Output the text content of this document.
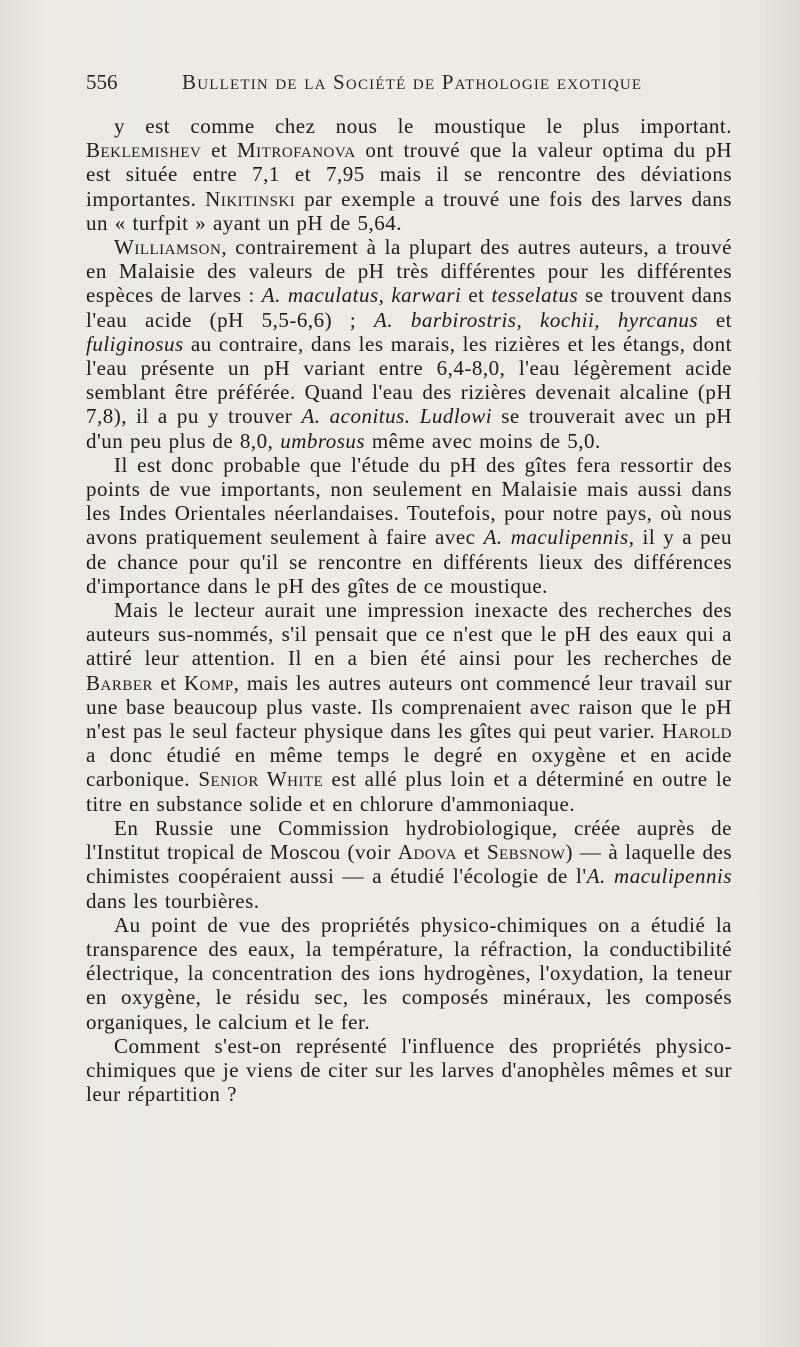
556	Bulletin de la Société de Pathologie exotique

y est comme chez nous le moustique le plus important. Beklemishev et Mitrofanova ont trouvé que la valeur optima du pH est située entre 7,1 et 7,95 mais il se rencontre des déviations importantes. Nikitinski par exemple a trouvé une fois des larves dans un « turfpit » ayant un pH de 5,64.

Williamson, contrairement à la plupart des autres auteurs, a trouvé en Malaisie des valeurs de pH très différentes pour les différentes espèces de larves : A. maculatus, karwari et tesselatus se trouvent dans l'eau acide (pH 5,5-6,6) ; A. barbirostris, kochii, hyrcanus et fuliginosus au contraire, dans les marais, les rizières et les étangs, dont l'eau présente un pH variant entre 6,4-8,0, l'eau légèrement acide semblant être préférée. Quand l'eau des rizières devenait alcaline (pH 7,8), il a pu y trouver A. aconitus. Ludlowi se trouverait avec un pH d'un peu plus de 8,0, umbrosus même avec moins de 5,0.

Il est donc probable que l'étude du pH des gîtes fera ressortir des points de vue importants, non seulement en Malaisie mais aussi dans les Indes Orientales néerlandaises. Toutefois, pour notre pays, où nous avons pratiquement seulement à faire avec A. maculipennis, il y a peu de chance pour qu'il se rencontre en différents lieux des différences d'importance dans le pH des gîtes de ce moustique.

Mais le lecteur aurait une impression inexacte des recherches des auteurs sus-nommés, s'il pensait que ce n'est que le pH des eaux qui a attiré leur attention. Il en a bien été ainsi pour les recherches de Barber et Komp, mais les autres auteurs ont commencé leur travail sur une base beaucoup plus vaste. Ils comprenaient avec raison que le pH n'est pas le seul facteur physique dans les gîtes qui peut varier. Harold a donc étudié en même temps le degré en oxygène et en acide carbonique. Senior White est allé plus loin et a déterminé en outre le titre en substance solide et en chlorure d'ammoniaque.

En Russie une Commission hydrobiologique, créée auprès de l'Institut tropical de Moscou (voir Adova et Sebsnow) — à laquelle des chimistes coopéraient aussi — a étudié l'écologie de l'A. maculipennis dans les tourbières.

Au point de vue des propriétés physico-chimiques on a étudié la transparence des eaux, la température, la réfraction, la conductibilité électrique, la concentration des ions hydrogènes, l'oxydation, la teneur en oxygène, le résidu sec, les composés minéraux, les composés organiques, le calcium et le fer.

Comment s'est-on représenté l'influence des propriétés physico-chimiques que je viens de citer sur les larves d'anophèles mêmes et sur leur répartition ?
